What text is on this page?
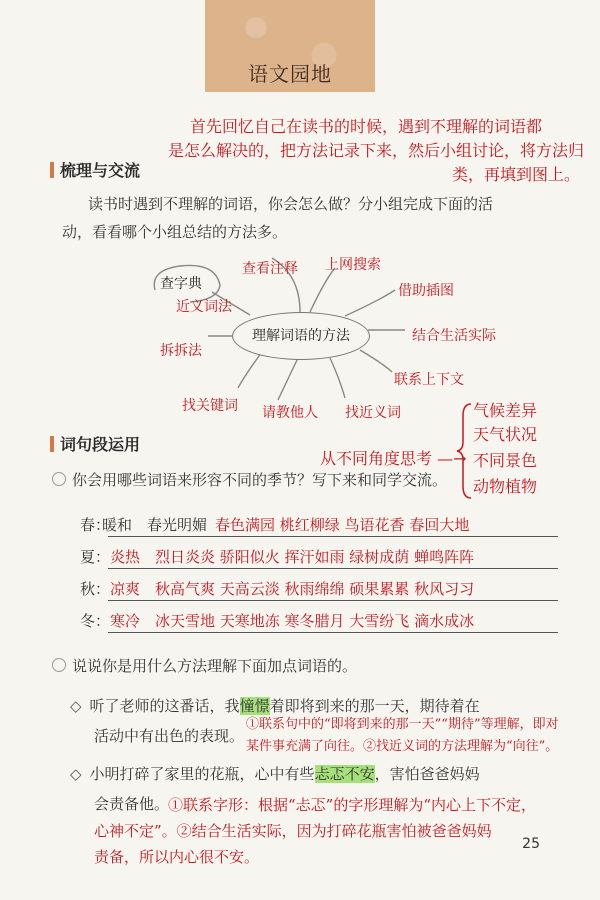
语文园地
首先回忆自己在读书的时候，遇到不理解的词语都
是怎么解决的，把方法记录下来，然后小组讨论，将方法归
类，再填到图上。
梳理与交流
读书时遇到不理解的词语，你会怎么做？分小组完成下面的活
动，看看哪个小组总结的方法多。
理解词语的方法
查字典
查看注释 上网搜索
借助插图
近义词法
拆拆法
结合生活实际
联系上下文
找关键词 请教他人 找近义词
词句段运用
气候差异
天气状况
不同景色
动物植物
从不同角度思考 —→
你会用哪些词语来形容不同的季节？写下来和同学交流。
春：暖和　春光明媚 春色满园 桃红柳绿 鸟语花香 春回大地
夏：炎热　烈日炎炎 骄阳似火 挥汗如雨 绿树成荫 蝉鸣阵阵
秋：凉爽　秋高气爽 天高云淡 秋雨绵绵 硕果累累 秋风习习
冬：寒冷　冰天雪地 天寒地冻 寒冬腊月 大雪纷飞 滴水成冰
说说你是用什么方法理解下面加点词语的。
◇ 听了老师的这番话，我憧憬着即将到来的那一天，期待着在
活动中有出色的表现。
①联系句中的“即将到来的那一天”“期待”等理解，即对
某件事充满了向往。②找近义词的方法理解为“向往”。
◇ 小明打碎了家里的花瓶，心中有些忐忑不安，害怕爸爸妈妈
会责备他。
①联系字形：根据“忐忑”的字形理解为“内心上下不定，
心神不定”。②结合生活实际，因为打碎花瓶害怕被爸爸妈妈
责备，所以内心很不安。
25
